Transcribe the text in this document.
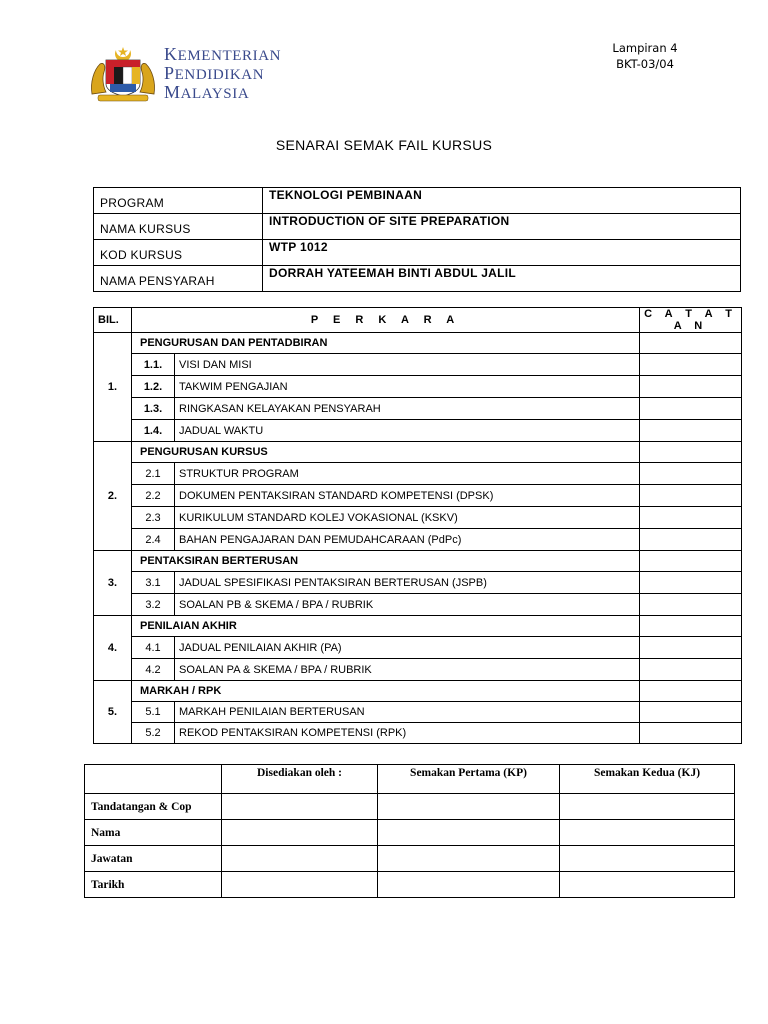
KEMENTERIAN
PENDIDIKAN
MALAYSIA
Lampiran 4
BKT-03/04
SENARAI SEMAK FAIL KURSUS
PROGRAM	TEKNOLOGI PEMBINAAN
NAMA KURSUS	INTRODUCTION OF SITE PREPARATION
KOD KURSUS	WTP 1012
NAMA PENSYARAH	DORRAH YATEEMAH BINTI ABDUL JALIL
BIL.	P E R K A R A		C A T A T A N
1.	PENGURUSAN DAN PENTADBIRAN		
	1.1.	VISI DAN MISI	
	1.2.	TAKWIM PENGAJIAN	
	1.3.	RINGKASAN KELAYAKAN PENSYARAH	
	1.4.	JADUAL WAKTU	
2.	PENGURUSAN KURSUS		
	2.1	STRUKTUR PROGRAM	
	2.2	DOKUMEN PENTAKSIRAN STANDARD KOMPETENSI (DPSK)	
	2.3	KURIKULUM STANDARD KOLEJ VOKASIONAL (KSKV)	
	2.4	BAHAN PENGAJARAN DAN PEMUDAHCARAAN (PdPc)	
3.	PENTAKSIRAN BERTERUSAN		
	3.1	JADUAL SPESIFIKASI PENTAKSIRAN BERTERUSAN (JSPB)	
	3.2	SOALAN PB & SKEMA / BPA / RUBRIK	
4.	PENILAIAN AKHIR		
	4.1	JADUAL PENILAIAN AKHIR (PA)	
	4.2	SOALAN PA & SKEMA / BPA / RUBRIK	
5.	MARKAH / RPK		
	5.1	MARKAH PENILAIAN BERTERUSAN	
	5.2	REKOD PENTAKSIRAN KOMPETENSI (RPK)	
	Disediakan oleh :	Semakan Pertama (KP)	Semakan Kedua (KJ)
Tandatangan & Cop			
Nama			
Jawatan			
Tarikh			
